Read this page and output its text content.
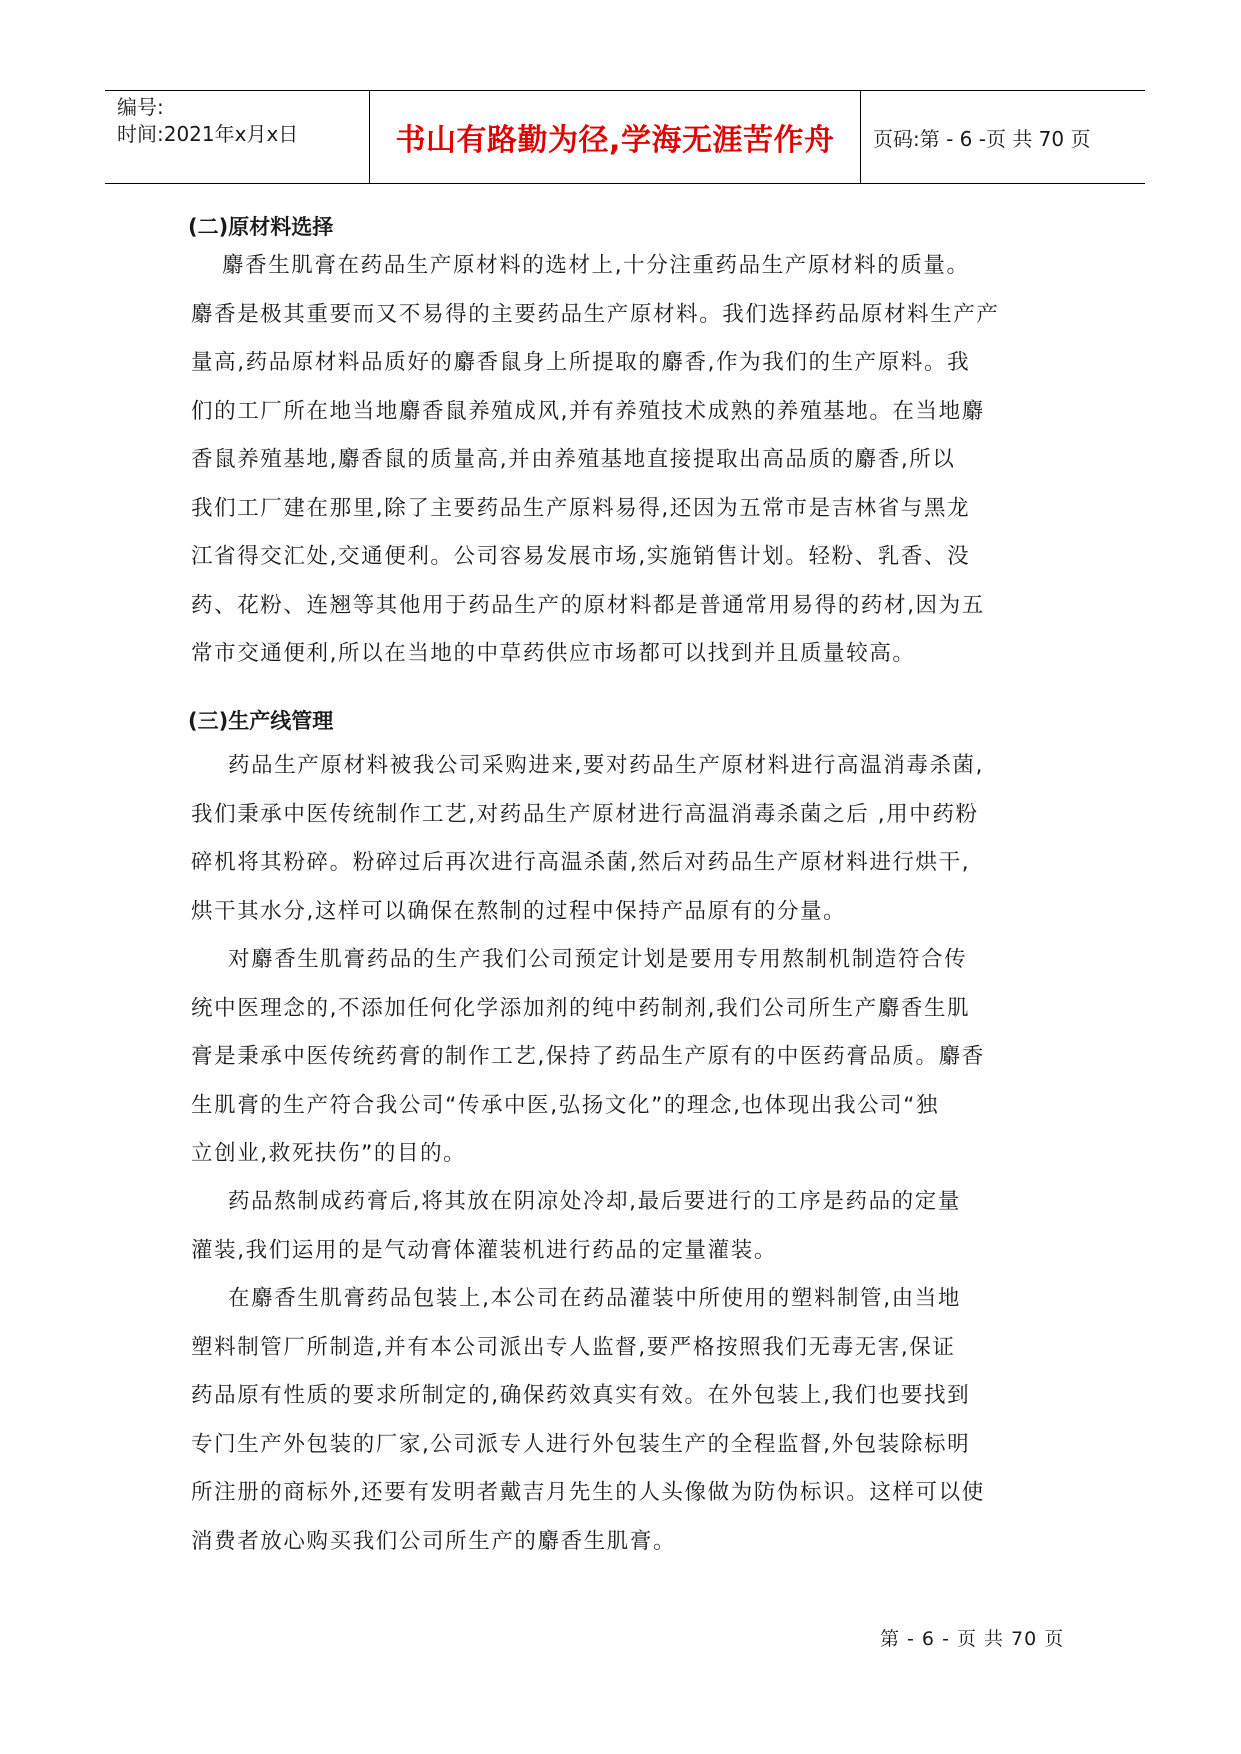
编号:
时间:2021年x月x日	书山有路勤为径,学海无涯苦作舟	页码:第 - 6 -页 共 70 页
(二)原材料选择
麝香生肌膏在药品生产原材料的选材上,十分注重药品生产原材料的质量。
麝香是极其重要而又不易得的主要药品生产原材料。我们选择药品原材料生产产
量高,药品原材料品质好的麝香鼠身上所提取的麝香,作为我们的生产原料。我
们的工厂所在地当地麝香鼠养殖成风,并有养殖技术成熟的养殖基地。在当地麝
香鼠养殖基地,麝香鼠的质量高,并由养殖基地直接提取出高品质的麝香,所以
我们工厂建在那里,除了主要药品生产原料易得,还因为五常市是吉林省与黑龙
江省得交汇处,交通便利。公司容易发展市场,实施销售计划。轻粉、乳香、没
药、花粉、连翘等其他用于药品生产的原材料都是普通常用易得的药材,因为五
常市交通便利,所以在当地的中草药供应市场都可以找到并且质量较高。
(三)生产线管理
药品生产原材料被我公司采购进来,要对药品生产原材料进行高温消毒杀菌,
我们秉承中医传统制作工艺,对药品生产原材进行高温消毒杀菌之后 ,用中药粉
碎机将其粉碎。粉碎过后再次进行高温杀菌,然后对药品生产原材料进行烘干,
烘干其水分,这样可以确保在熬制的过程中保持产品原有的分量。
对麝香生肌膏药品的生产我们公司预定计划是要用专用熬制机制造符合传
统中医理念的,不添加任何化学添加剂的纯中药制剂,我们公司所生产麝香生肌
膏是秉承中医传统药膏的制作工艺,保持了药品生产原有的中医药膏品质。麝香
生肌膏的生产符合我公司“传承中医,弘扬文化”的理念,也体现出我公司“独
立创业,救死扶伤”的目的。
药品熬制成药膏后,将其放在阴凉处冷却,最后要进行的工序是药品的定量
灌装,我们运用的是气动膏体灌装机进行药品的定量灌装。
在麝香生肌膏药品包装上,本公司在药品灌装中所使用的塑料制管,由当地
塑料制管厂所制造,并有本公司派出专人监督,要严格按照我们无毒无害,保证
药品原有性质的要求所制定的,确保药效真实有效。在外包装上,我们也要找到
专门生产外包装的厂家,公司派专人进行外包装生产的全程监督,外包装除标明
所注册的商标外,还要有发明者戴吉月先生的人头像做为防伪标识。这样可以使
消费者放心购买我们公司所生产的麝香生肌膏。
第 - 6 - 页 共 70 页
